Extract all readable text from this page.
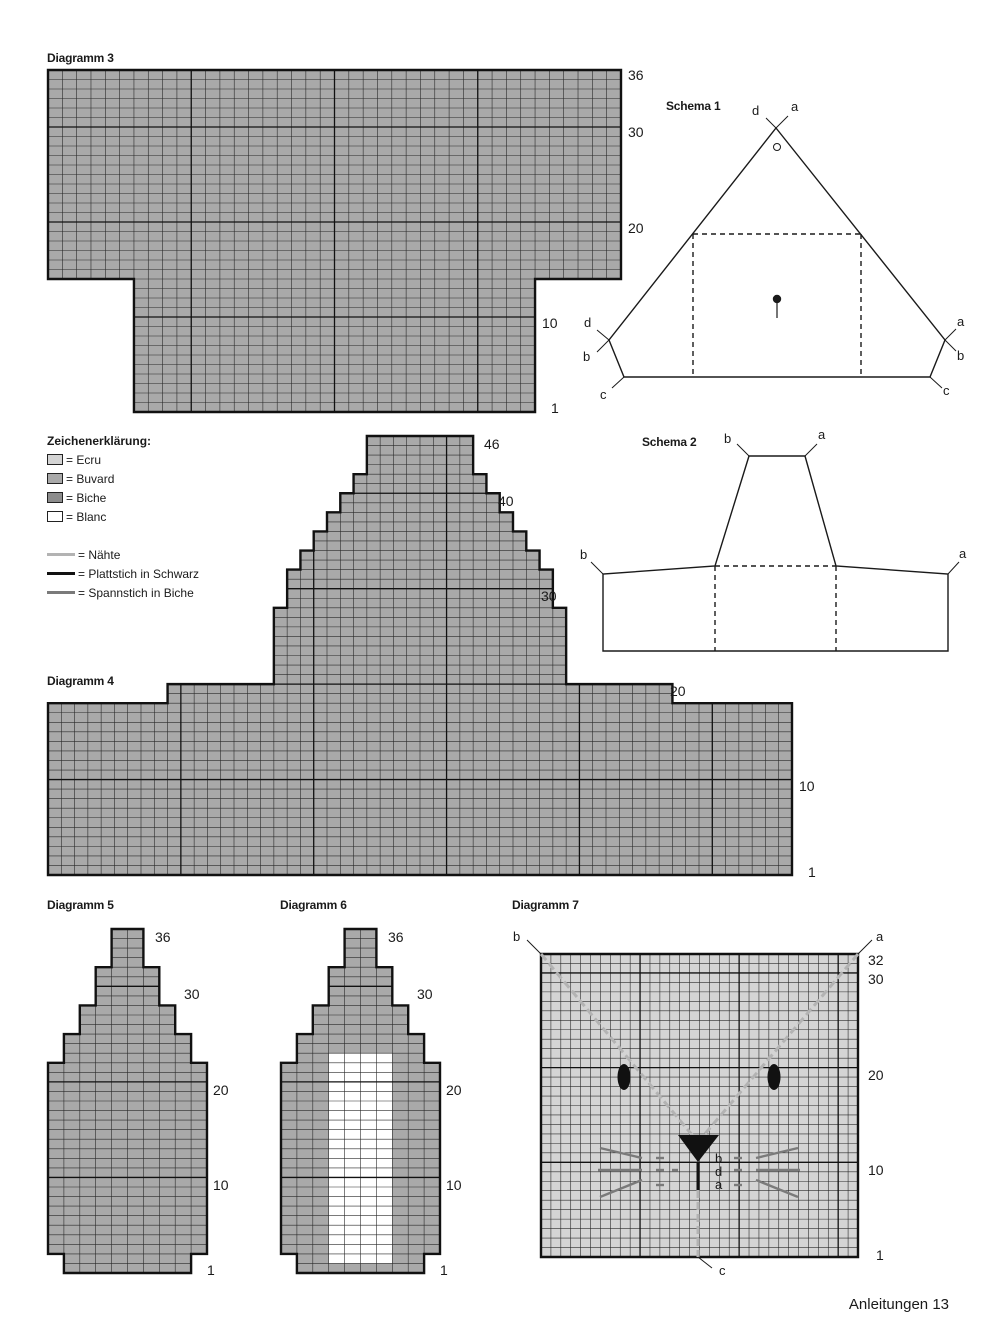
Diagramm 3
36
30
20
10
1
Schema 1 d a
d
b
c
a
b
c
Schema 2 b	a
b	a
Zeichenerklärung:
= Ecru
= Buvard
= Biche
= Blanc
= Nähte
= Plattstich in Schwarz
= Spannstich in Biche
Diagramm 4
46
40
30
20
10
1
Diagramm 5
36
30
20
10
1
Diagramm 6
36
30
20
10
1
Diagramm 7
32
30
20
10
1
a
b
c
b
d
a
Anleitungen 13
